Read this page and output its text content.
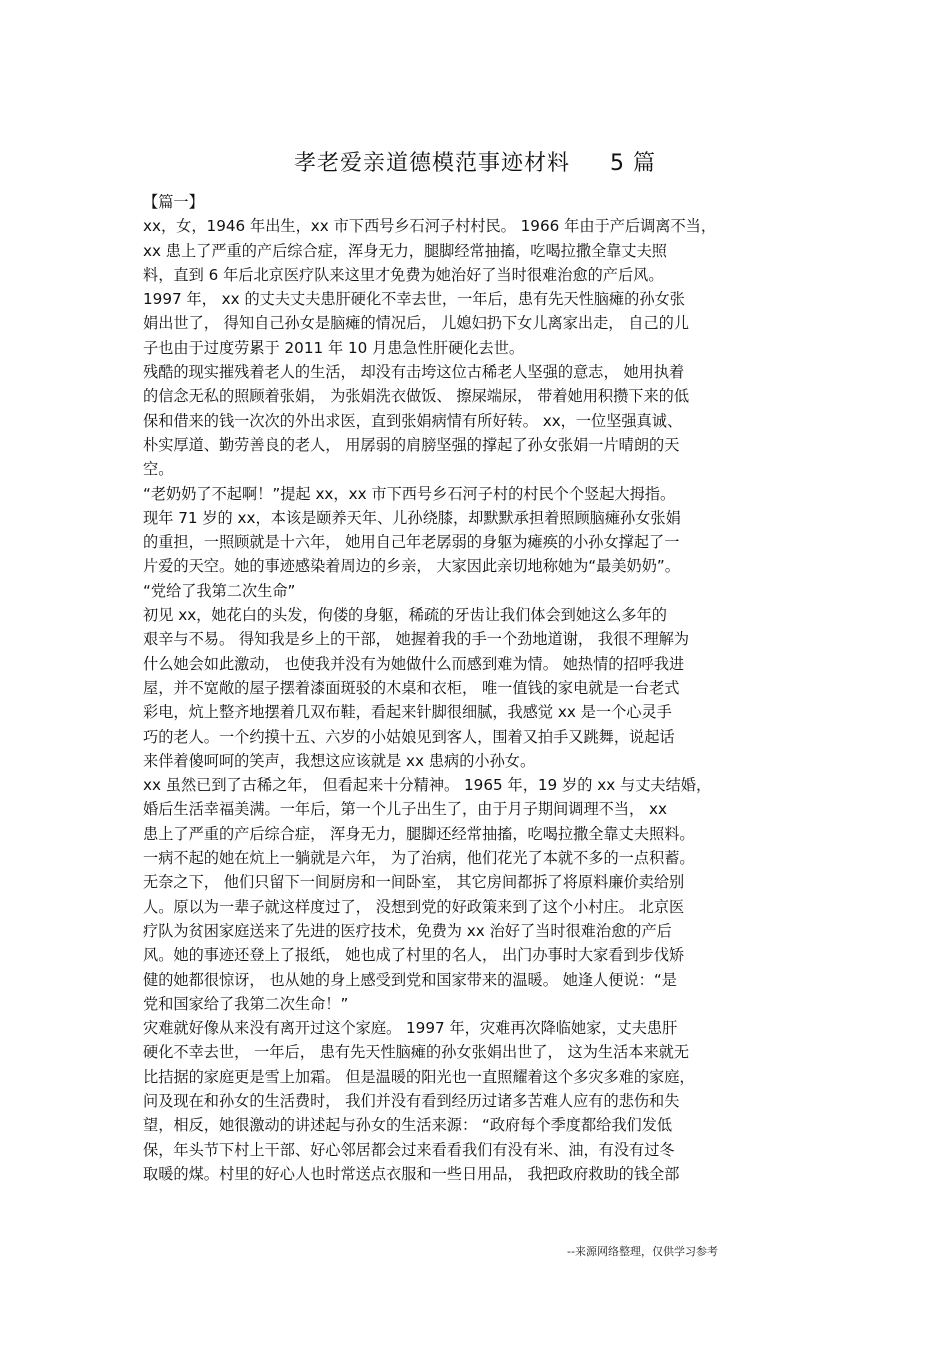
孝老爱亲道德模范事迹材料 5 篇
【篇一】
xx，女，1946 年出生，xx 市下西号乡石河子村村民。 1966 年由于产后调离不当，
xx 患上了严重的产后综合症，浑身无力，腿脚经常抽搐，吃喝拉撒全靠丈夫照
料，直到 6 年后北京医疗队来这里才免费为她治好了当时很难治愈的产后风。
1997 年， xx 的丈夫丈夫患肝硬化不幸去世，一年后，患有先天性脑瘫的孙女张
娟出世了， 得知自己孙女是脑瘫的情况后， 儿媳妇扔下女儿离家出走， 自己的儿
子也由于过度劳累于 2011 年 10 月患急性肝硬化去世。
残酷的现实摧残着老人的生活， 却没有击垮这位古稀老人坚强的意志， 她用执着
的信念无私的照顾着张娟， 为张娟洗衣做饭、 擦屎端尿， 带着她用积攒下来的低
保和借来的钱一次次的外出求医，直到张娟病情有所好转。 xx，一位坚强真诚、
朴实厚道、勤劳善良的老人， 用孱弱的肩膀坚强的撑起了孙女张娟一片晴朗的天
空。
“老奶奶了不起啊！”提起 xx，xx 市下西号乡石河子村的村民个个竖起大拇指。
现年 71 岁的 xx，本该是颐养天年、儿孙绕膝，却默默承担着照顾脑瘫孙女张娟
的重担，一照顾就是十六年， 她用自己年老孱弱的身躯为瘫痪的小孙女撑起了一
片爱的天空。她的事迹感染着周边的乡亲， 大家因此亲切地称她为“最美奶奶”。
“党给了我第二次生命”
初见 xx，她花白的头发，佝偻的身躯，稀疏的牙齿让我们体会到她这么多年的
艰辛与不易。 得知我是乡上的干部， 她握着我的手一个劲地道谢， 我很不理解为
什么她会如此激动， 也使我并没有为她做什么而感到难为情。 她热情的招呼我进
屋，并不宽敞的屋子摆着漆面斑驳的木桌和衣柜， 唯一值钱的家电就是一台老式
彩电，炕上整齐地摆着几双布鞋，看起来针脚很细腻，我感觉 xx 是一个心灵手
巧的老人。一个约摸十五、六岁的小姑娘见到客人，围着又拍手又跳舞，说起话
来伴着傻呵呵的笑声，我想这应该就是 xx 患病的小孙女。
xx 虽然已到了古稀之年， 但看起来十分精神。 1965 年，19 岁的 xx 与丈夫结婚，
婚后生活幸福美满。一年后，第一个儿子出生了，由于月子期间调理不当， xx
患上了严重的产后综合症， 浑身无力，腿脚还经常抽搐，吃喝拉撒全靠丈夫照料。
一病不起的她在炕上一躺就是六年， 为了治病，他们花光了本就不多的一点积蓄。
无奈之下， 他们只留下一间厨房和一间卧室， 其它房间都拆了将原料廉价卖给别
人。原以为一辈子就这样度过了， 没想到党的好政策来到了这个小村庄。 北京医
疗队为贫困家庭送来了先进的医疗技术，免费为 xx 治好了当时很难治愈的产后
风。她的事迹还登上了报纸， 她也成了村里的名人， 出门办事时大家看到步伐矫
健的她都很惊讶， 也从她的身上感受到党和国家带来的温暖。 她逢人便说：“是
党和国家给了我第二次生命！”
灾难就好像从来没有离开过这个家庭。 1997 年，灾难再次降临她家，丈夫患肝
硬化不幸去世， 一年后， 患有先天性脑瘫的孙女张娟出世了， 这为生活本来就无
比拮据的家庭更是雪上加霜。 但是温暖的阳光也一直照耀着这个多灾多难的家庭，
问及现在和孙女的生活费时， 我们并没有看到经历过诸多苦难人应有的悲伤和失
望，相反，她很激动的讲述起与孙女的生活来源： “政府每个季度都给我们发低
保，年头节下村上干部、好心邻居都会过来看看我们有没有米、油，有没有过冬
取暖的煤。村里的好心人也时常送点衣服和一些日用品， 我把政府救助的钱全部
--来源网络整理，仅供学习参考
